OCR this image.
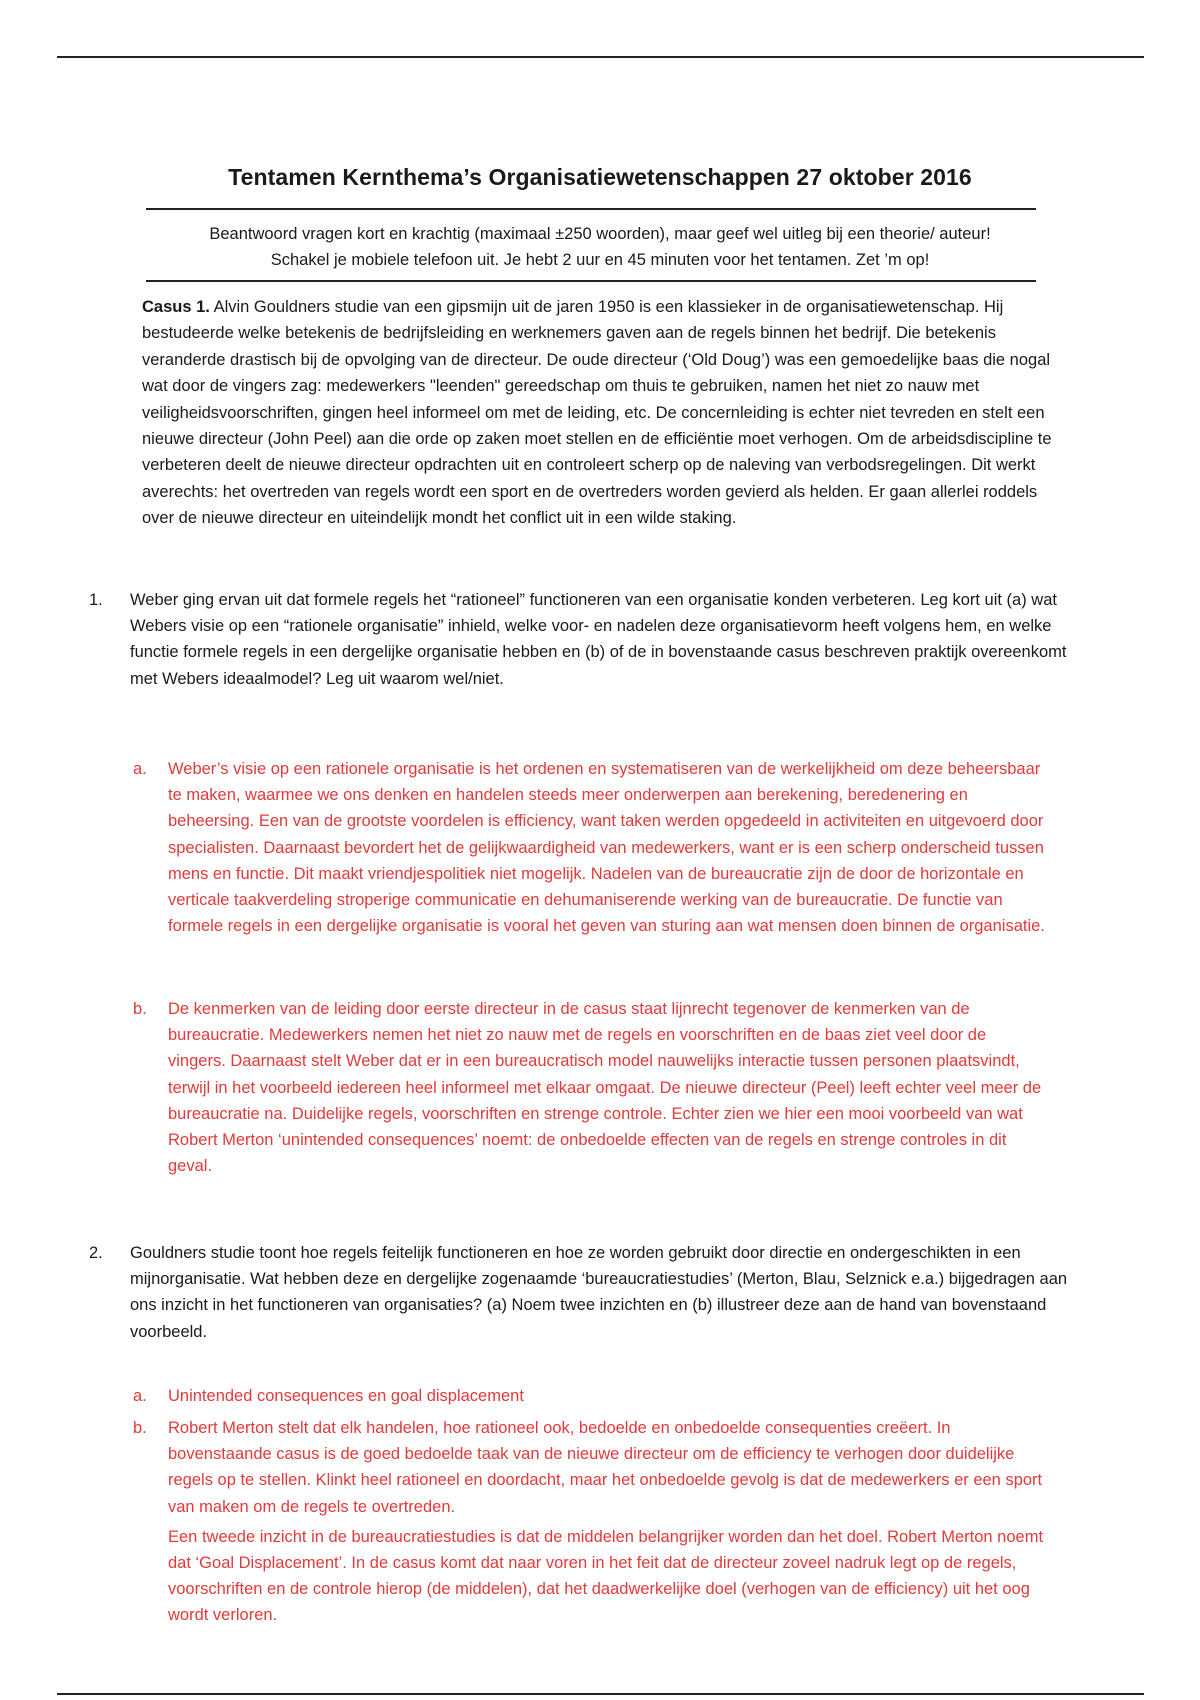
Tentamen Kernthema’s Organisatiewetenschappen 27 oktober 2016
Beantwoord vragen kort en krachtig (maximaal ±250 woorden), maar geef wel uitleg bij een theorie/ auteur!
Schakel je mobiele telefoon uit. Je hebt 2 uur en 45 minuten voor het tentamen. Zet ’m op!
Casus 1. Alvin Gouldners studie van een gipsmijn uit de jaren 1950 is een klassieker in de organisatiewetenschap. Hij bestudeerde welke betekenis de bedrijfsleiding en werknemers gaven aan de regels binnen het bedrijf. Die betekenis veranderde drastisch bij de opvolging van de directeur. De oude directeur (‘Old Doug’) was een gemoedelijke baas die nogal wat door de vingers zag: medewerkers "leenden" gereedschap om thuis te gebruiken, namen het niet zo nauw met veiligheidsvoorschriften, gingen heel informeel om met de leiding, etc. De concernleiding is echter niet tevreden en stelt een nieuwe directeur (John Peel) aan die orde op zaken moet stellen en de efficiëntie moet verhogen. Om de arbeidsdiscipline te verbeteren deelt de nieuwe directeur opdrachten uit en controleert scherp op de naleving van verbodsregelingen. Dit werkt averechts: het overtreden van regels wordt een sport en de overtreders worden gevierd als helden. Er gaan allerlei roddels over de nieuwe directeur en uiteindelijk mondt het conflict uit in een wilde staking.
1. Weber ging ervan uit dat formele regels het “rationeel” functioneren van een organisatie konden verbeteren. Leg kort uit (a) wat Webers visie op een “rationele organisatie” inhield, welke voor- en nadelen deze organisatievorm heeft volgens hem, en welke functie formele regels in een dergelijke organisatie hebben en (b) of de in bovenstaande casus beschreven praktijk overeenkomt met Webers ideaalmodel? Leg uit waarom wel/niet.
a. Weber’s visie op een rationele organisatie is het ordenen en systematiseren van de werkelijkheid om deze beheersbaar te maken, waarmee we ons denken en handelen steeds meer onderwerpen aan berekening, beredenering en beheersing. Een van de grootste voordelen is efficiency, want taken werden opgedeeld in activiteiten en uitgevoerd door specialisten. Daarnaast bevordert het de gelijkwaardigheid van medewerkers, want er is een scherp onderscheid tussen mens en functie. Dit maakt vriendjespolitiek niet mogelijk. Nadelen van de bureaucratie zijn de door de horizontale en verticale taakverdeling stroperige communicatie en dehumaniserende werking van de bureaucratie. De functie van formele regels in een dergelijke organisatie is vooral het geven van sturing aan wat mensen doen binnen de organisatie.
b. De kenmerken van de leiding door eerste directeur in de casus staat lijnrecht tegenover de kenmerken van de bureaucratie. Medewerkers nemen het niet zo nauw met de regels en voorschriften en de baas ziet veel door de vingers. Daarnaast stelt Weber dat er in een bureaucratisch model nauwelijks interactie tussen personen plaatsvindt, terwijl in het voorbeeld iedereen heel informeel met elkaar omgaat. De nieuwe directeur (Peel) leeft echter veel meer de bureaucratie na. Duidelijke regels, voorschriften en strenge controle. Echter zien we hier een mooi voorbeeld van wat Robert Merton ‘unintended consequences’ noemt: de onbedoelde effecten van de regels en strenge controles in dit geval.
2. Gouldners studie toont hoe regels feitelijk functioneren en hoe ze worden gebruikt door directie en ondergeschikten in een mijnorganisatie. Wat hebben deze en dergelijke zogenaamde ‘bureaucratiestudies’ (Merton, Blau, Selznick e.a.) bijgedragen aan ons inzicht in het functioneren van organisaties? (a) Noem twee inzichten en (b) illustreer deze aan de hand van bovenstaand voorbeeld.
a. Unintended consequences en goal displacement
b. Robert Merton stelt dat elk handelen, hoe rationeel ook, bedoelde en onbedoelde consequenties creëert. In bovenstaande casus is de goed bedoelde taak van de nieuwe directeur om de efficiency te verhogen door duidelijke regels op te stellen. Klinkt heel rationeel en doordacht, maar het onbedoelde gevolg is dat de medewerkers er een sport van maken om de regels te overtreden.
Een tweede inzicht in de bureaucratiestudies is dat de middelen belangrijker worden dan het doel. Robert Merton noemt dat ‘Goal Displacement’. In de casus komt dat naar voren in het feit dat de directeur zoveel nadruk legt op de regels, voorschriften en de controle hierop (de middelen), dat het daadwerkelijke doel (verhogen van de efficiency) uit het oog wordt verloren.
